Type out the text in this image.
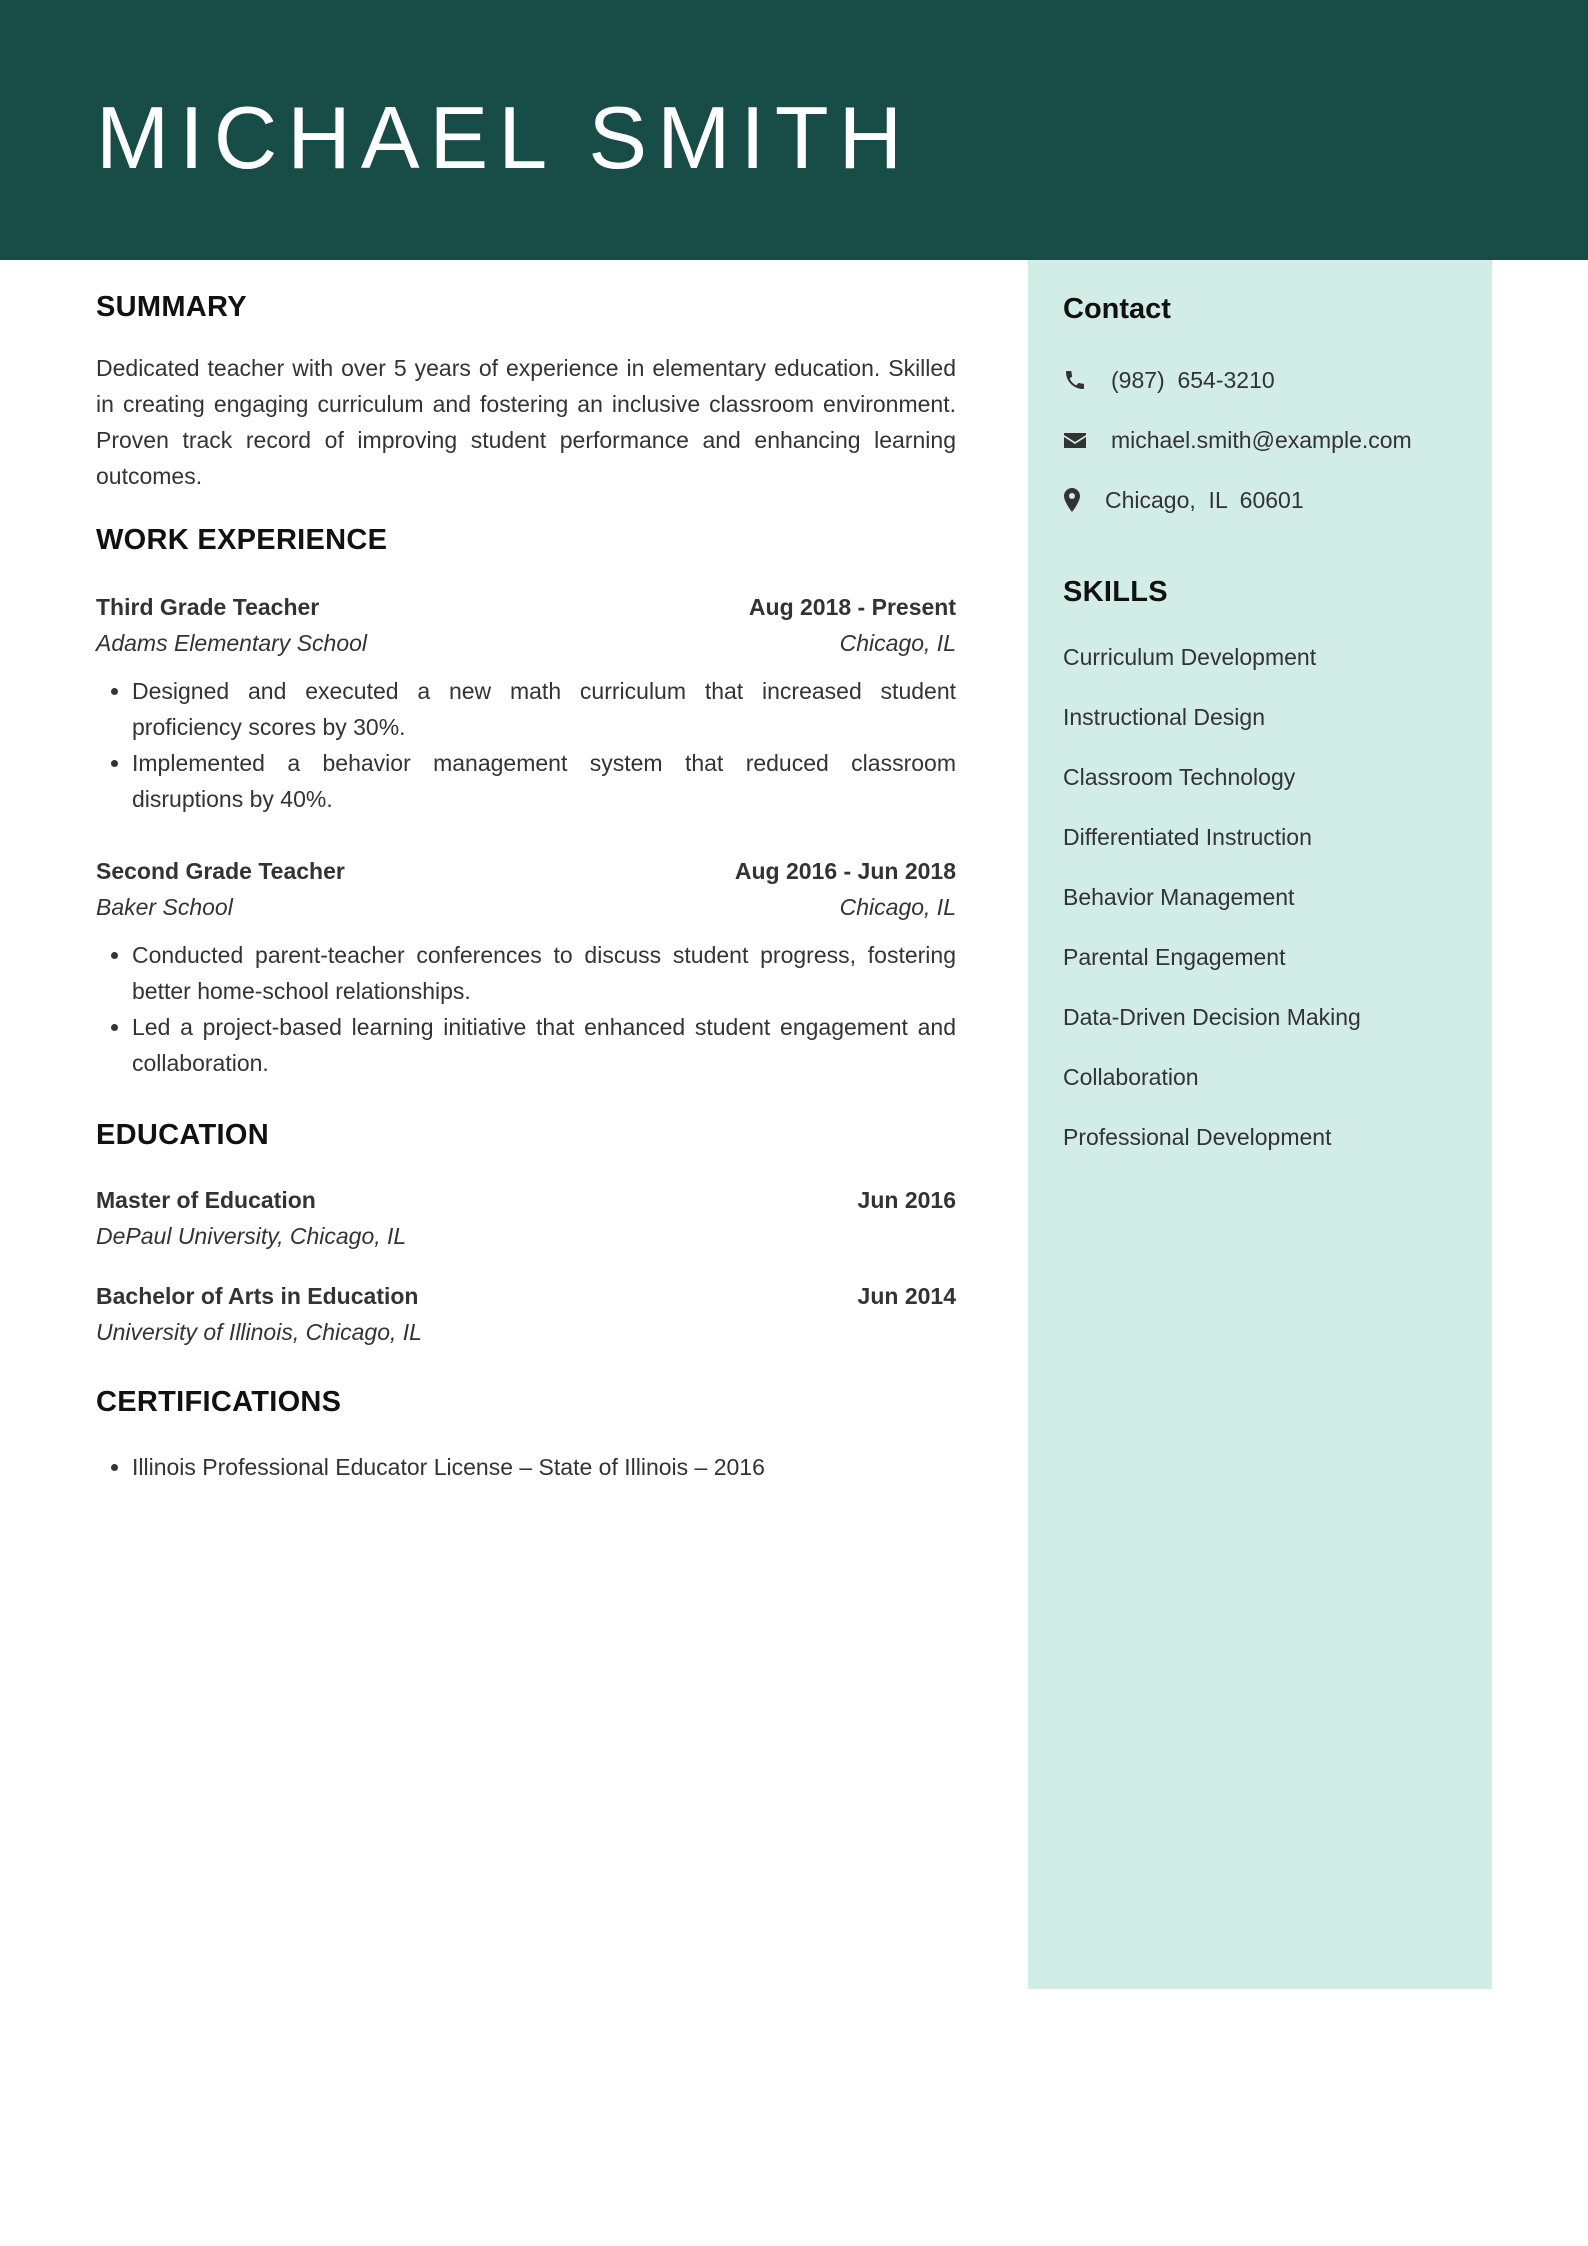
MICHAEL SMITH
SUMMARY

Dedicated teacher with over 5 years of experience in elementary education. Skilled in creating engaging curriculum and fostering an inclusive classroom environment. Proven track record of improving student performance and enhancing learning outcomes.

WORK EXPERIENCE
Third Grade Teacher	Aug 2018 - Present
Adams Elementary School	Chicago, IL
• Designed and executed a new math curriculum that increased student proficiency scores by 30%.
• Implemented a behavior management system that reduced classroom disruptions by 40%.
Second Grade Teacher	Aug 2016 - Jun 2018
Baker School	Chicago, IL
• Conducted parent-teacher conferences to discuss student progress, fostering better home-school relationships.
• Led a project-based learning initiative that enhanced student engagement and collaboration.
EDUCATION
Master of Education	Jun 2016
DePaul University, Chicago, IL
Bachelor of Arts in Education	Jun 2014
University of Illinois, Chicago, IL
CERTIFICATIONS
• Illinois Professional Educator License – State of Illinois – 2016
Contact
(987)  654-3210
michael.smith@example.com
Chicago,  IL  60601
SKILLS
Curriculum Development
Instructional Design
Classroom Technology
Differentiated Instruction
Behavior Management
Parental Engagement
Data-Driven Decision Making
Collaboration
Professional Development
